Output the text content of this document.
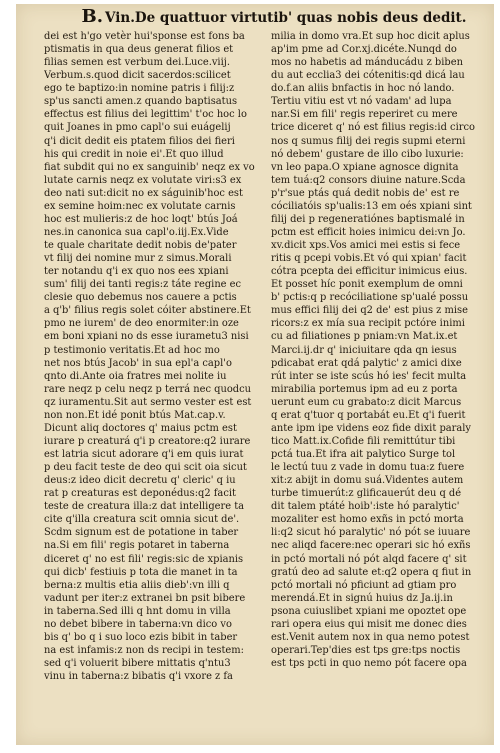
B. Vin.De quattuor virtutib' quas nobis deus dedit.
dei est h'go vetèr hui'sponse est fons ba
ptismatis in qua deus generat filios et
filias semen est verbum dei.Luce.viij.
Verbum.s.quod dicit sacerdos:scilicet
ego te baptizo:in nomine patris i filij:z
sp'us sancti amen.z quando baptisatus
effectus est filius dei legittim' t'oc hoc lo
quit Joanes in pmo capl'o sui euágelij
q'i dicit dedit eis ptatem filios dei fieri
his qui credit in noie ei'.Et quo illud
fiat subdit qui no ex sanguinib' neqz ex vo
lutate carnis neqz ex volutate viri:s3 ex
deo nati sut:dicit no ex ságuinib'hoc est
ex semine hoim:nec ex volutate carnis
hoc est mulieris:z de hoc loqt' btús Joá
nes.in canonica sua capl'o.iij.Ex.Vide
te quale charitate dedit nobis de'pater
vt filij dei nomine mur z simus.Morali
ter notandu q'i ex quo nos ees xpiani
sum' filij dei tanti regis:z táte regine ec
clesie quo debemus nos cauere a pctis
a q'b' filius regis solet cóiter abstinere.Et
pmo ne iurem' de deo enormiter:in oze
em boni xpiani no ds esse iurametu3 nisi
p testimonio veritatis.Et ad hoc mo
net nos btús Jacob' in sua epl'a capl'o
qnto di.Ante oia fratres mei nolite iu
rare neqz p celu neqz p terrá nec quodcu
qz iuramentu.Sit aut sermo vester est est
non non.Et idé ponit btús Mat.cap.v.
Dicunt aliq doctores q' maius pctm est
iurare p creaturá q'i p creatore:q2 iurare
est latria sicut adorare q'i em quis iurat
p deu facit teste de deo qui scit oia sicut
deus:z ideo dicit decretu q' cleric' q iu
rat p creaturas est deponédus:q2 facit
teste de creatura illa:z dat intelligere ta
cite q'illa creatura scit omnia sicut de'.
Scdm signum est de potatione in taber
na.Si em fili' regis potaret in taberna
diceret q' no est fili' regis:sic de xpianis
qui dicb' festiuis p tota die manet in ta
berna:z multis etia aliis dieb':vn illi q
vadunt per iter:z extranei bn psit bibere
in taberna.Sed illi q hnt domu in villa
no debet bibere in taberna:vn dico vo
bis q' bo q i suo loco ezis bibit in taber
na est infamis:z non ds recipi in testem:
sed q'i voluerit bibere mittatis q'ntu3
vinu in taberna:z bibatis q'i vxore z fa
milia in domo vra.Et sup hoc dicit aplus
ap'im pme ad Cor.xj.dicéte.Nunqd do
mos no habetis ad mánducádu z biben
du aut ecclia3 dei cótenitis:qd dicá lau
do.f.an aliis bnfactis in hoc nó lando.
Tertiu vitiu est vt nó vadam' ad lupa
nar.Si em fili' regis reperiret cu mere
trice diceret q' nó est filius regis:id circo
nos q sumus filij dei regis supmi eterni
nó debem' gustare de illo cibo luxurie:
vn leo papa.O xpiane agnosce dignita
tem tuá:q2 consors diuine nature.Scda
p'r'sue ptás quá dedit nobis de' est re
cóciliatóis sp'ualis:13 em oés xpiani sint
filij dei p regeneratiónes baptismalé in
pctm est efficit hoies inimicu dei:vn Jo.
xv.dicit xps.Vos amici mei estis si fece
ritis q pcepi vobis.Et vó qui xpian' facit
cótra pcepta dei efficitur inimicus eius.
Et posset híc ponit exemplum de omni
b' pctis:q p recóciliatione sp'ualé possu
mus effici filij dei q2 de' est pius z mise
ricors:z ex mía sua recipit pctóre inimi
cu ad filiationes p pniam:vn Mat.ix.et
Marci.ij.dr q' iniciuitare qda qn iesus
pdicabat erat qdá palytic' z amici dixe
rút inter se iste scús hó ies' fecit multa
mirabilia portemus ipm ad eu z porta
uerunt eum cu grabato:z dicit Marcus
q erat q'tuor q portabát eu.Et q'i fuerit
ante ipm ipe videns eoz fide dixit paraly
tico Matt.ix.Cofide fili remittútur tibi
pctá tua.Et ifra ait palytico Surge tol
le lectú tuu z vade in domu tua:z fuere
xit:z abijt in domu suá.Videntes autem
turbe timuerút:z glificauerút deu q dé
dit talem ptáté hoib':iste hó paralytic'
mozaliter est homo exñs in pctó morta
li:q2 sicut hó paralytic' nó pót se iuuare
nec aliqd facere:nec operari sic hó exñs
in pctó mortali nó pót alqd facere q' sit
gratú deo ad salute et:q2 opera q fiut in
pctó mortali nó pficiunt ad gtiam pro
merendá.Et in signú huius dz Ja.ij.in
psona cuiuslibet xpiani me opoztet ope
rari opera eius qui misit me donec dies
est.Venit autem nox in qua nemo potest
operari.Tep'dies est tps gre:tps noctis
est tps pcti in quo nemo pót facere opa
